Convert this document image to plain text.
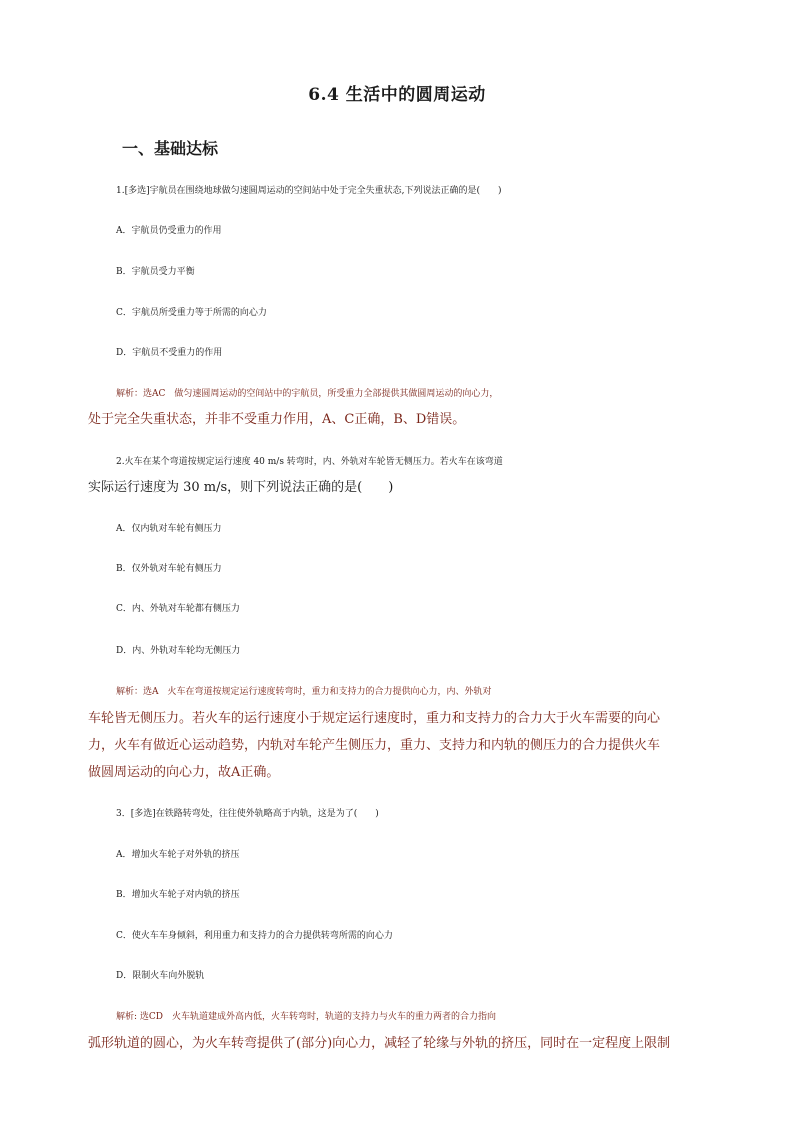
6.4 生活中的圆周运动
一、基础达标
1.[多选]宇航员在围绕地球做匀速圆周运动的空间站中处于完全失重状态,下列说法正确的是(　　)
A．宇航员仍受重力的作用
B．宇航员受力平衡
C．宇航员所受重力等于所需的向心力
D．宇航员不受重力的作用
解析：选AC　做匀速圆周运动的空间站中的宇航员，所受重力全部提供其做圆周运动的向心力，
处于完全失重状态，并非不受重力作用，A、C正确，B、D错误。
2.火车在某个弯道按规定运行速度 40 m/s 转弯时，内、外轨对车轮皆无侧压力。若火车在该弯道
实际运行速度为 30 m/s，则下列说法正确的是(　　)
A．仅内轨对车轮有侧压力
B．仅外轨对车轮有侧压力
C．内、外轨对车轮都有侧压力
D．内、外轨对车轮均无侧压力
解析：选A　火车在弯道按规定运行速度转弯时，重力和支持力的合力提供向心力，内、外轨对
车轮皆无侧压力。若火车的运行速度小于规定运行速度时，重力和支持力的合力大于火车需要的向心
力，火车有做近心运动趋势，内轨对车轮产生侧压力，重力、支持力和内轨的侧压力的合力提供火车
做圆周运动的向心力，故A正确。
3．[多选]在铁路转弯处，往往使外轨略高于内轨，这是为了(　　)
A．增加火车轮子对外轨的挤压
B．增加火车轮子对内轨的挤压
C．使火车车身倾斜，利用重力和支持力的合力提供转弯所需的向心力
D．限制火车向外脱轨
解析: 选CD　火车轨道建成外高内低，火车转弯时，轨道的支持力与火车的重力两者的合力指向
弧形轨道的圆心，为火车转弯提供了(部分)向心力，减轻了轮缘与外轨的挤压，同时在一定程度上限制
